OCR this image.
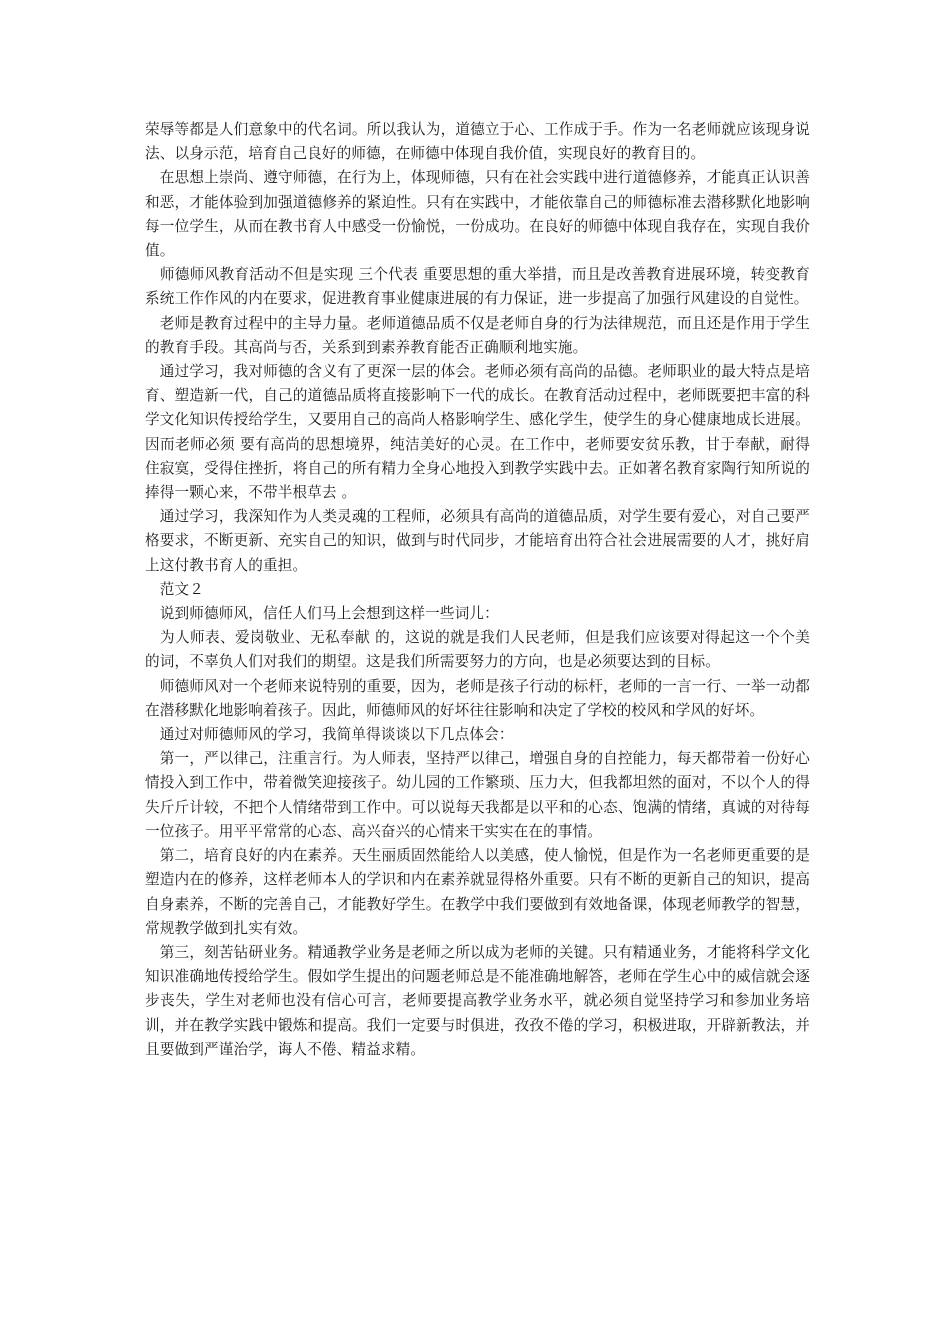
荣辱等都是人们意象中的代名词。所以我认为，道德立于心、工作成于手。作为一名老师就应该现身说法、以身示范，培育自己良好的师德，在师德中体现自我价值，实现良好的教育目的。

　在思想上崇尚、遵守师德，在行为上，体现师德，只有在社会实践中进行道德修养，才能真正认识善和恶，才能体验到加强道德修养的紧迫性。只有在实践中，才能依靠自己的师德标准去潜移默化地影响每一位学生，从而在教书育人中感受一份愉悦，一份成功。在良好的师德中体现自我存在，实现自我价值。

　师德师风教育活动不但是实现 三个代表 重要思想的重大举措，而且是改善教育进展环境，转变教育系统工作作风的内在要求，促进教育事业健康进展的有力保证，进一步提高了加强行风建设的自觉性。

　老师是教育过程中的主导力量。老师道德品质不仅是老师自身的行为法律规范，而且还是作用于学生的教育手段。其高尚与否，关系到到素养教育能否正确顺利地实施。

　通过学习，我对师德的含义有了更深一层的体会。老师必须有高尚的品德。老师职业的最大特点是培育、塑造新一代，自己的道德品质将直接影响下一代的成长。在教育活动过程中，老师既要把丰富的科学文化知识传授给学生，又要用自己的高尚人格影响学生、感化学生，使学生的身心健康地成长进展。因而老师必须 要有高尚的思想境界，纯洁美好的心灵。在工作中，老师要安贫乐教，甘于奉献，耐得住寂寞，受得住挫折，将自己的所有精力全身心地投入到教学实践中去。正如著名教育家陶行知所说的 捧得一颗心来，不带半根草去 。

　通过学习，我深知作为人类灵魂的工程师，必须具有高尚的道德品质，对学生要有爱心，对自己要严格要求，不断更新、充实自己的知识，做到与时代同步，才能培育出符合社会进展需要的人才，挑好肩上这付教书育人的重担。

　范文２

　说到师德师风，信任人们马上会想到这样一些词儿：

　为人师表、爱岗敬业、无私奉献 的，这说的就是我们人民老师，但是我们应该要对得起这一个个美的词，不辜负人们对我们的期望。这是我们所需要努力的方向，也是必须要达到的目标。

　师德师风对一个老师来说特别的重要，因为，老师是孩子行动的标杆，老师的一言一行、一举一动都在潜移默化地影响着孩子。因此，师德师风的好坏往往影响和决定了学校的校风和学风的好坏。

　通过对师德师风的学习，我简单得谈谈以下几点体会：

　第一，严以律己，注重言行。为人师表，坚持严以律己，增强自身的自控能力，每天都带着一份好心情投入到工作中，带着微笑迎接孩子。幼儿园的工作繁琐、压力大，但我都坦然的面对，不以个人的得失斤斤计较，不把个人情绪带到工作中。可以说每天我都是以平和的心态、饱满的情绪，真诚的对待每一位孩子。用平平常常的心态、高兴奋兴的心情来干实实在在的事情。

　第二，培育良好的内在素养。天生丽质固然能给人以美感，使人愉悦，但是作为一名老师更重要的是塑造内在的修养，这样老师本人的学识和内在素养就显得格外重要。只有不断的更新自己的知识，提高自身素养，不断的完善自己，才能教好学生。在教学中我们要做到有效地备课，体现老师教学的智慧，常规教学做到扎实有效。

　第三，刻苦钻研业务。精通教学业务是老师之所以成为老师的关键。只有精通业务，才能将科学文化知识准确地传授给学生。假如学生提出的问题老师总是不能准确地解答，老师在学生心中的威信就会逐步丧失，学生对老师也没有信心可言，老师要提高教学业务水平，就必须自觉坚持学习和参加业务培训，并在教学实践中锻炼和提高。我们一定要与时俱进，孜孜不倦的学习，积极进取，开辟新教法，并且要做到严谨治学，诲人不倦、精益求精。
